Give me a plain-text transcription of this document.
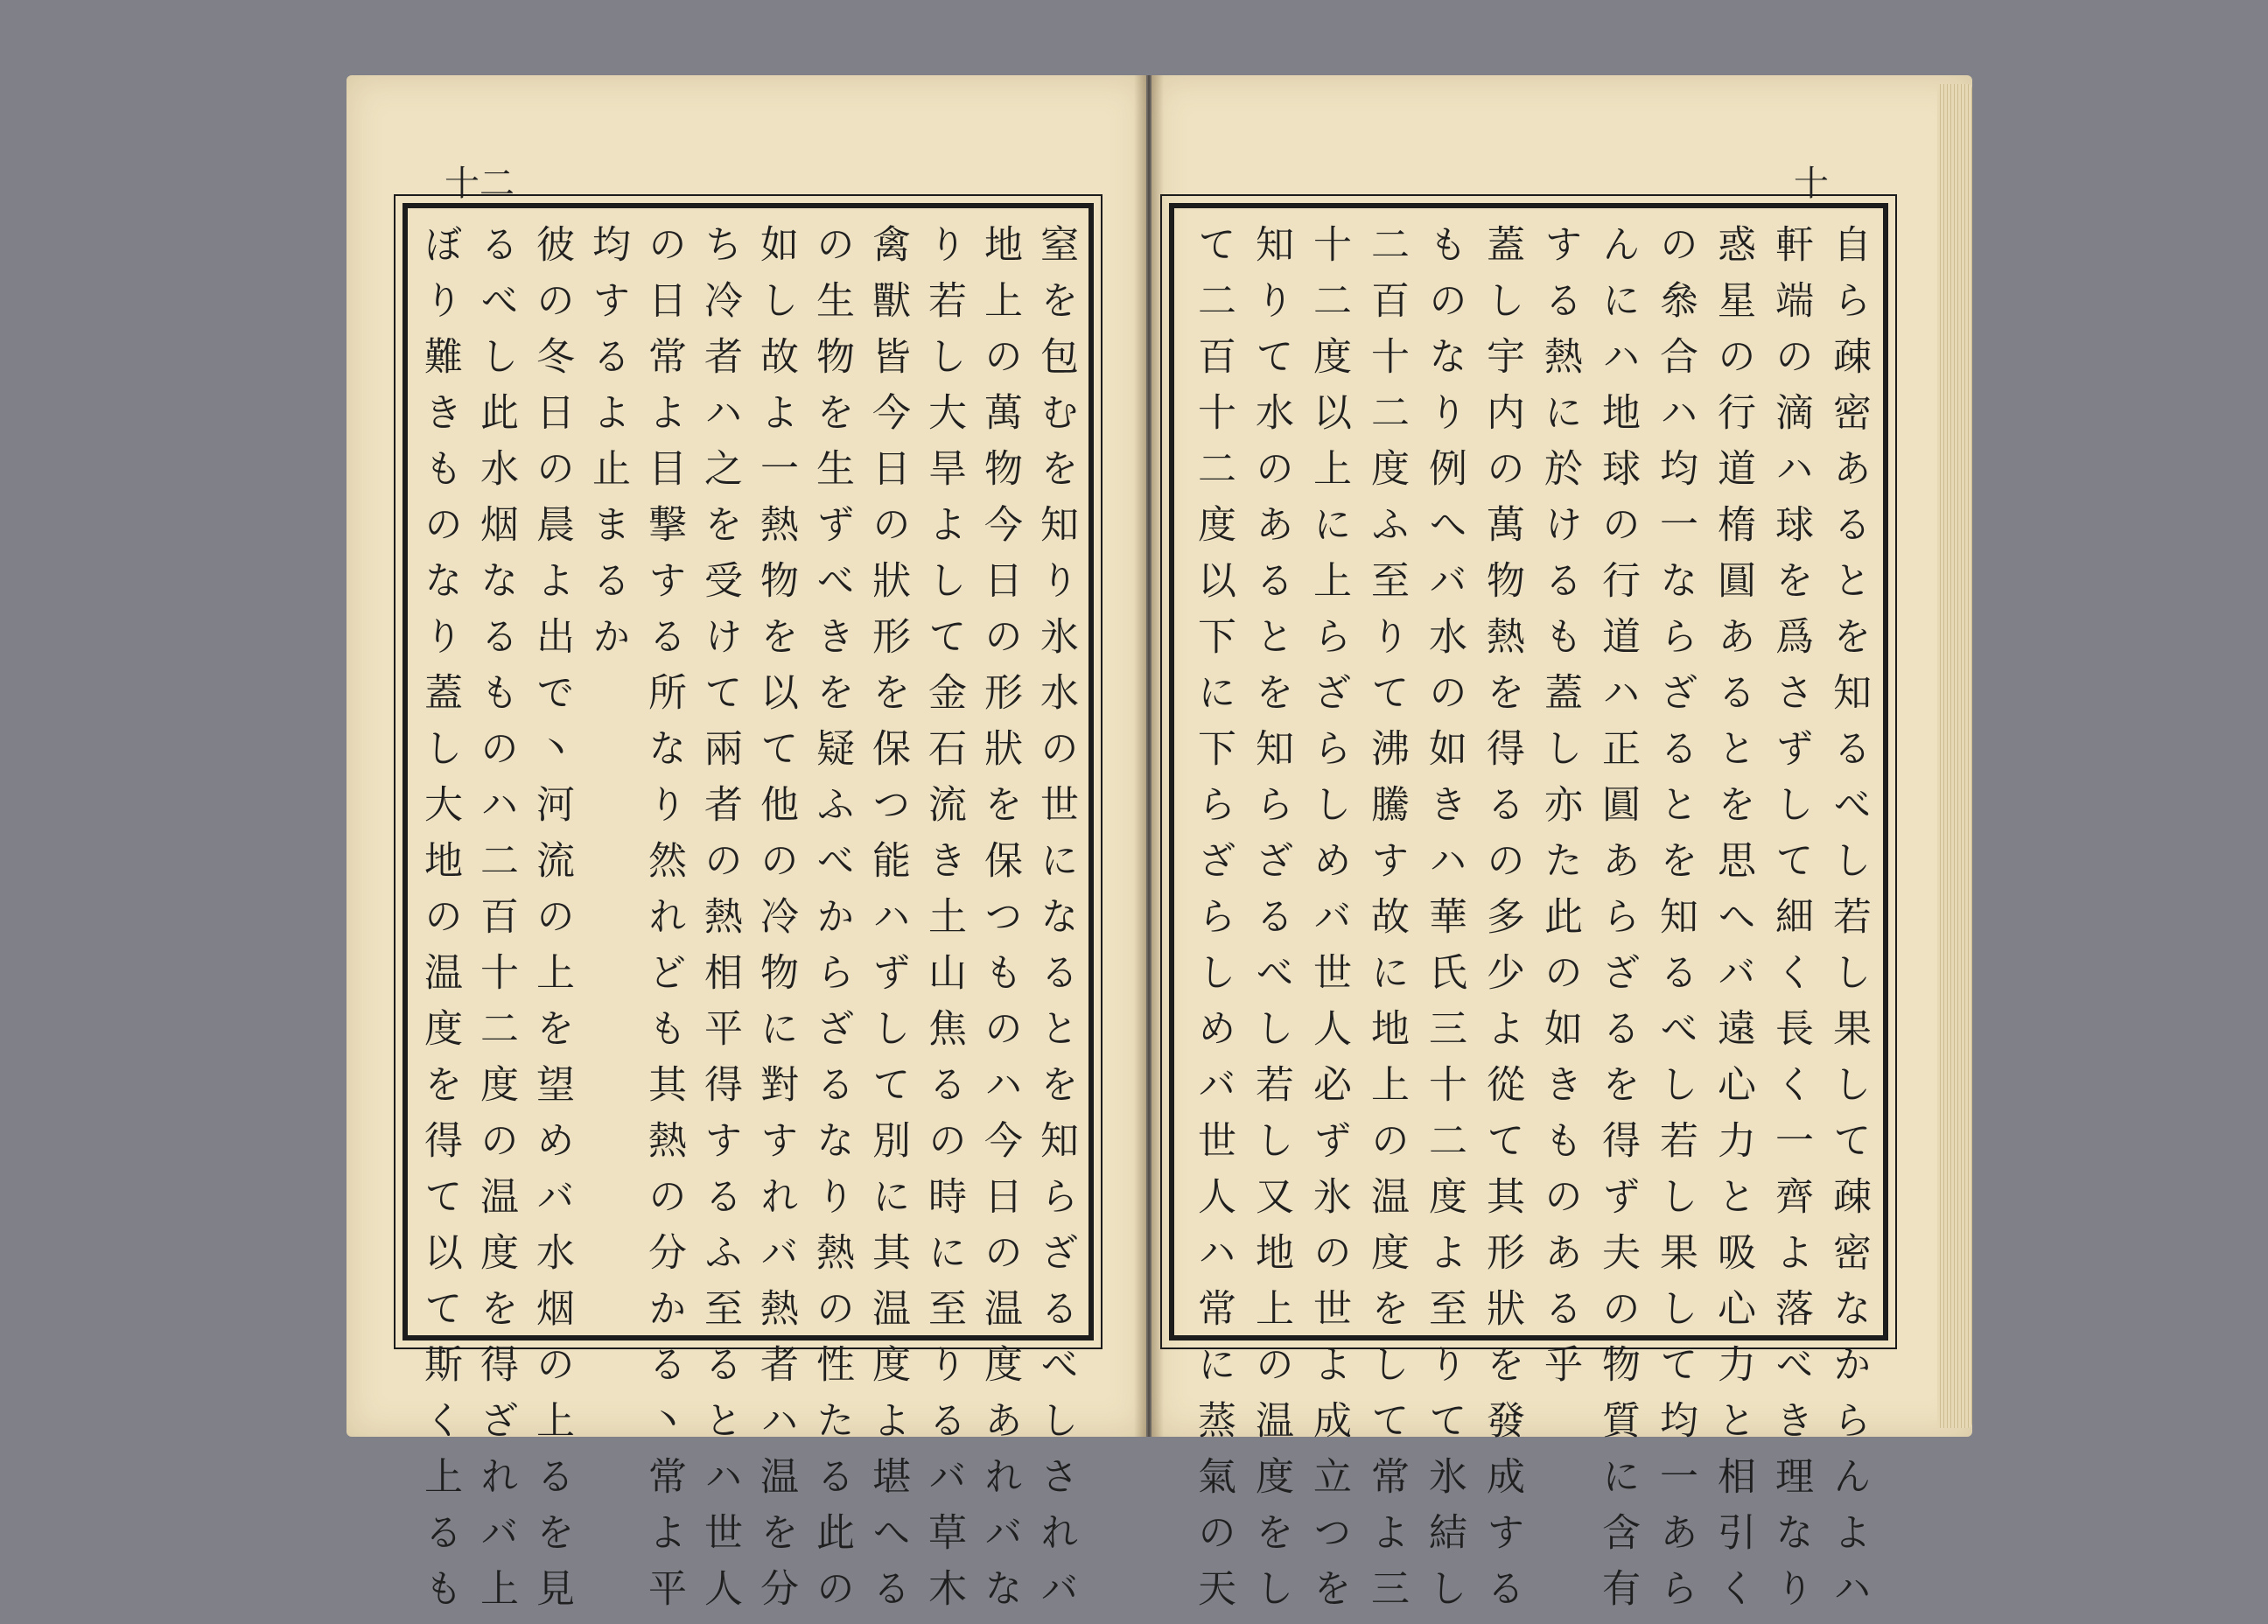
十二
窒を包むを知り氷水の世になるとを知らざるべしされバ
地上の萬物今日の形狀を保つものハ今日の温度あれバな
り若し大旱よして金石流き土山焦るの時に至りるバ草木
禽獸皆今日の狀形を保つ能ハずして別に其温度よ堪へる
の生物を生ずべきを疑ふべからざるなり熱の性たる此の
如し故よ一熱物を以て他の冷物に對すれバ熱者ハ温を分
ち冷者ハ之を受けて兩者の熱相平得するふ至るとハ世人
の日常よ目撃する所なり然れども其熱の分かる丶常よ平
均するよ止まるか
彼の冬日の晨よ出で丶河流の上を望めバ水烟の上るを見
るべし此水烟なるものハ二百十二度の温度を得ざれバ上
ぼり難きものなり蓋し大地の温度を得て以て斯く上るも	自ら疎密あるとを知るべし若し果して疎密なからんよハ
軒端の滴ハ球を爲さずして細く長く一齊よ落べき理なり
惑星の行道楕圓あるとを思へバ遠心力と吸心力と相引く
の叅合ハ均一ならざるとを知るべし若し果して均一あら
んにハ地球の行道ハ正圓あらざるを得ず夫の物質に含有
する熱に於けるも蓋し亦た此の如きものある乎
蓋し宇内の萬物熱を得るの多少よ從て其形狀を發成する
ものなり例へバ水の如きハ華氏三十二度よ至りて氷結し
二百十二度ふ至りて沸騰す故に地上の温度をして常よ三
十二度以上に上らざらしめバ世人必ず氷の世よ成立つを
知りて水のあるとを知らざるべし若し又地上の温度をし
て二百十二度以下に下らざらしめバ世人ハ常に蒸氣の天
十
